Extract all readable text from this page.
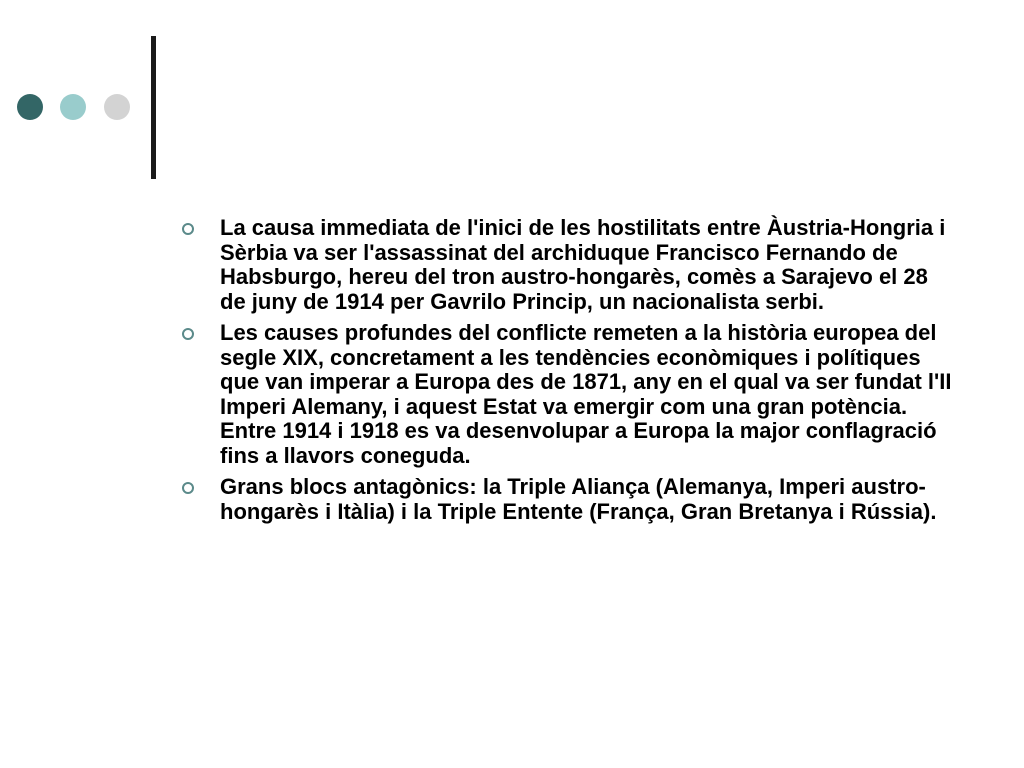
La causa immediata de l'inici de les hostilitats entre Àustria-Hongria i Sèrbia va ser l'assassinat del archiduque Francisco Fernando de Habsburgo, hereu del tron austro-hongarès, comès a Sarajevo el 28 de juny de 1914 per Gavrilo Princip, un nacionalista serbi.
Les causes profundes del conflicte remeten a la història europea del segle XIX, concretament a les tendències econòmiques i polítiques que van imperar a Europa des de 1871, any en el qual va ser fundat l'II Imperi Alemany, i aquest Estat va emergir com una gran potència. Entre 1914 i 1918 es va desenvolupar a Europa la major conflagració fins a llavors coneguda.
Grans blocs antagònics: la Triple Aliança (Alemanya, Imperi austro-hongarès i Itàlia) i la Triple Entente (França, Gran Bretanya i Rússia).
